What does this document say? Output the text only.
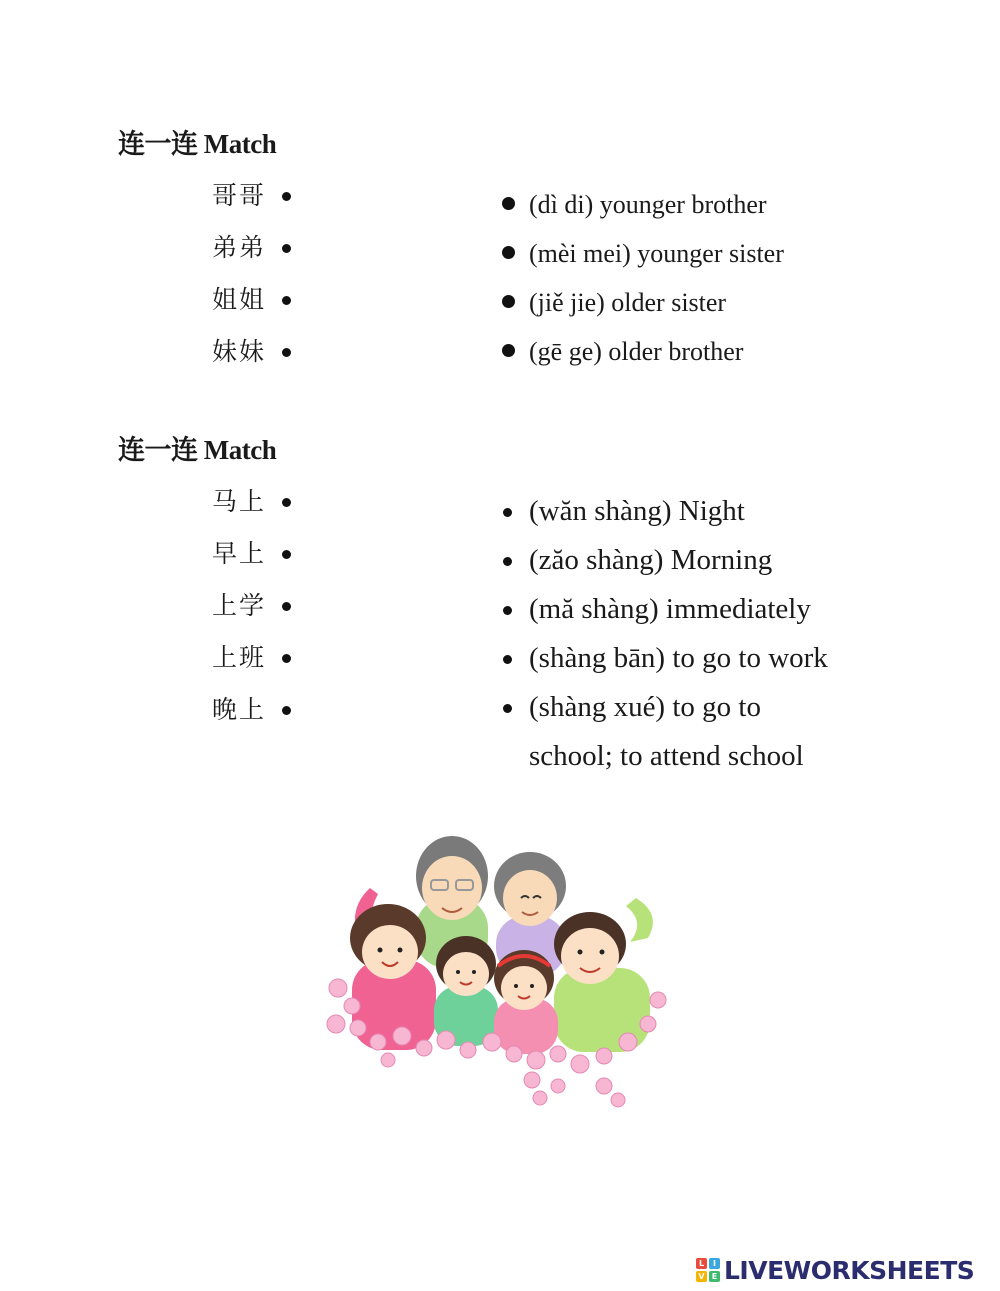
连一连 Match
哥哥
弟弟
姐姐
妹妹
(dì di) younger brother
(mèi mei) younger sister
(jiě jie) older sister
(gē ge) older brother
连一连 Match
马上
早上
上学
上班
晚上
(wăn shàng) Night
(zăo shàng) Morning
(mă shàng) immediately
(shàng bān) to go to work
(shàng xué) to go to
school; to attend school
L	I
V E LIVEWORKSHEETS
